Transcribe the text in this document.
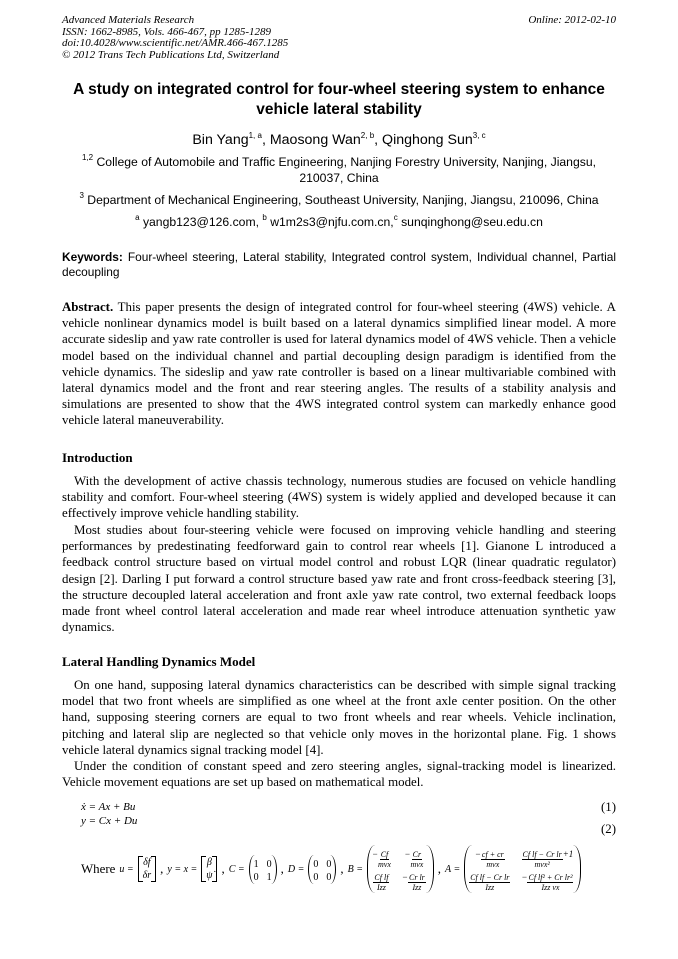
Advanced Materials Research
ISSN: 1662-8985, Vols. 466-467, pp 1285-1289
doi:10.4028/www.scientific.net/AMR.466-467.1285
© 2012 Trans Tech Publications Ltd, Switzerland
Online: 2012-02-10
A study on integrated control for four-wheel steering system to enhance vehicle lateral stability
Bin Yang$^{1, a}$, Maosong Wan$^{2, b}$, Qinghong Sun$^{3, c}$
$^{1,2}$ College of Automobile and Traffic Engineering, Nanjing Forestry University, Nanjing, Jiangsu, 210037, China
$^3$ Department of Mechanical Engineering, Southeast University, Nanjing, Jiangsu, 210096, China
$^a$ yangb123@126.com, $^b$ w1m2s3@njfu.com.cn,$^c$ sunqinghong@seu.edu.cn
Keywords: Four-wheel steering, Lateral stability, Integrated control system, Individual channel, Partial decoupling
Abstract. This paper presents the design of integrated control for four-wheel steering (4WS) vehicle. A vehicle nonlinear dynamics model is built based on a lateral dynamics simplified linear model. A more accurate sideslip and yaw rate controller is used for lateral dynamics model of 4WS vehicle. Then a vehicle model based on the individual channel and partial decoupling design paradigm is identified from the vehicle dynamics. The sideslip and yaw rate controller is based on a linear multivariable combined with lateral dynamics model and the front and rear steering angles. The results of a stability analysis and simulations are presented to show that the 4WS integrated control system can markedly enhance good vehicle lateral maneuverability.
Introduction
With the development of active chassis technology, numerous studies are focused on vehicle handling stability and comfort. Four-wheel steering (4WS) system is widely applied and developed because it can effectively improve vehicle handling stability.
Most studies about four-steering vehicle were focused on improving vehicle handling and steering performances by predestinating feedforward gain to control rear wheels [1]. Gianone L introduced a feedback control structure based on virtual model control and robust LQR (linear quadratic regulator) design [2]. Darling I put forward a control structure based yaw rate and front cross-feedback steering [3], the structure decoupled lateral acceleration and front axle yaw rate control, two external feedback loops made front wheel control lateral acceleration and made rear wheel introduce attenuation synthetic yaw dynamics.
Lateral Handling Dynamics Model
On one hand, supposing lateral dynamics characteristics can be described with simple signal tracking model that two front wheels are simplified as one wheel at the front axle center position. On the other hand, supposing steering corners are equal to two front wheels and rear wheels. Vehicle inclination, pitching and lateral slip are neglected so that vehicle only moves in the horizontal plane. Fig. 1 shows vehicle lateral dynamics signal tracking model [4].
Under the condition of constant speed and zero steering angles, signal-tracking model is linearized. Vehicle movement equations are set up based on mathematical model.
ẋ = Ax + Bu	(1)
y = Cx + Du
(2)
Where u =
δf
δr , y = x =
β
ψ̇ , C = 1 0
0 1
, D = 0 0
0 0
, B =
− $\frac{Cf}{\text{mvx}} - \frac{Cr}{\text{mvx}}$
$\frac{\text{Cf lf}}{\text{Izz}} - \frac{\text{Cr lr}}{\text{Izz}}$
, A =
− $\frac{cf + cr}{\text{mvx}} \frac{\text{Cf lf − Cr lr}}{\text{mvx²}} +1$
$\frac{\text{Cf lf − Cr lr}}{\text{Izz}} - \frac{\text{Cf lf² + Cr lr²}}{\text{Izz vx}}$
